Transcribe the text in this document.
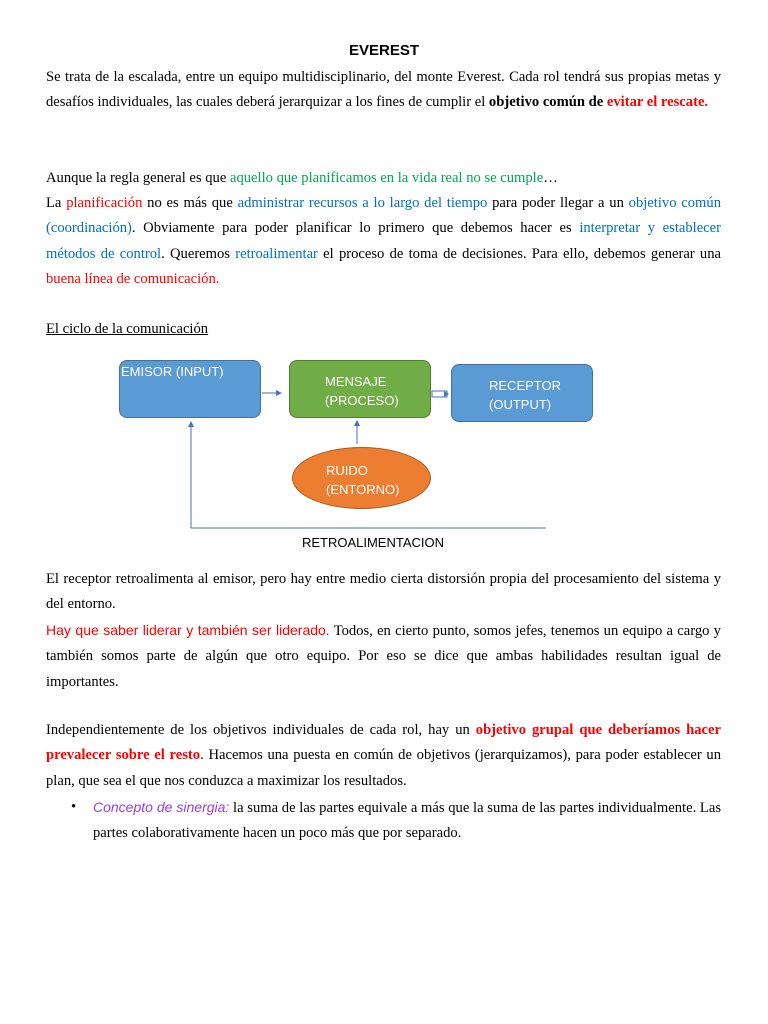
EVEREST

Se trata de la escalada, entre un equipo multidisciplinario, del monte Everest. Cada rol tendrá sus propias metas y desafíos individuales, las cuales deberá jerarquizar a los fines de cumplir el objetivo común de evitar el rescate.

Aunque la regla general es que aquello que planificamos en la vida real no se cumple…

La planificación no es más que administrar recursos a lo largo del tiempo para poder llegar a un objetivo común (coordinación). Obviamente para poder planificar lo primero que debemos hacer es interpretar y establecer métodos de control. Queremos retroalimentar el proceso de toma de decisiones. Para ello, debemos generar una buena línea de comunicación.

El ciclo de la comunicación

EMISOR (INPUT)
MENSAJE
(PROCESO)
RECEPTOR
(OUTPUT)
RUIDO
(ENTORNO)
RETROALIMENTACION

El receptor retroalimenta al emisor, pero hay entre medio cierta distorsión propia del procesamiento del sistema y del entorno.

Hay que saber liderar y también ser liderado. Todos, en cierto punto, somos jefes, tenemos un equipo a cargo y también somos parte de algún que otro equipo. Por eso se dice que ambas habilidades resultan igual de importantes.

Independientemente de los objetivos individuales de cada rol, hay un objetivo grupal que deberíamos hacer prevalecer sobre el resto. Hacemos una puesta en común de objetivos (jerarquizamos), para poder establecer un plan, que sea el que nos conduzca a maximizar los resultados.

• Concepto de sinergia: la suma de las partes equivale a más que la suma de las partes individualmente. Las partes colaborativamente hacen un poco más que por separado.
